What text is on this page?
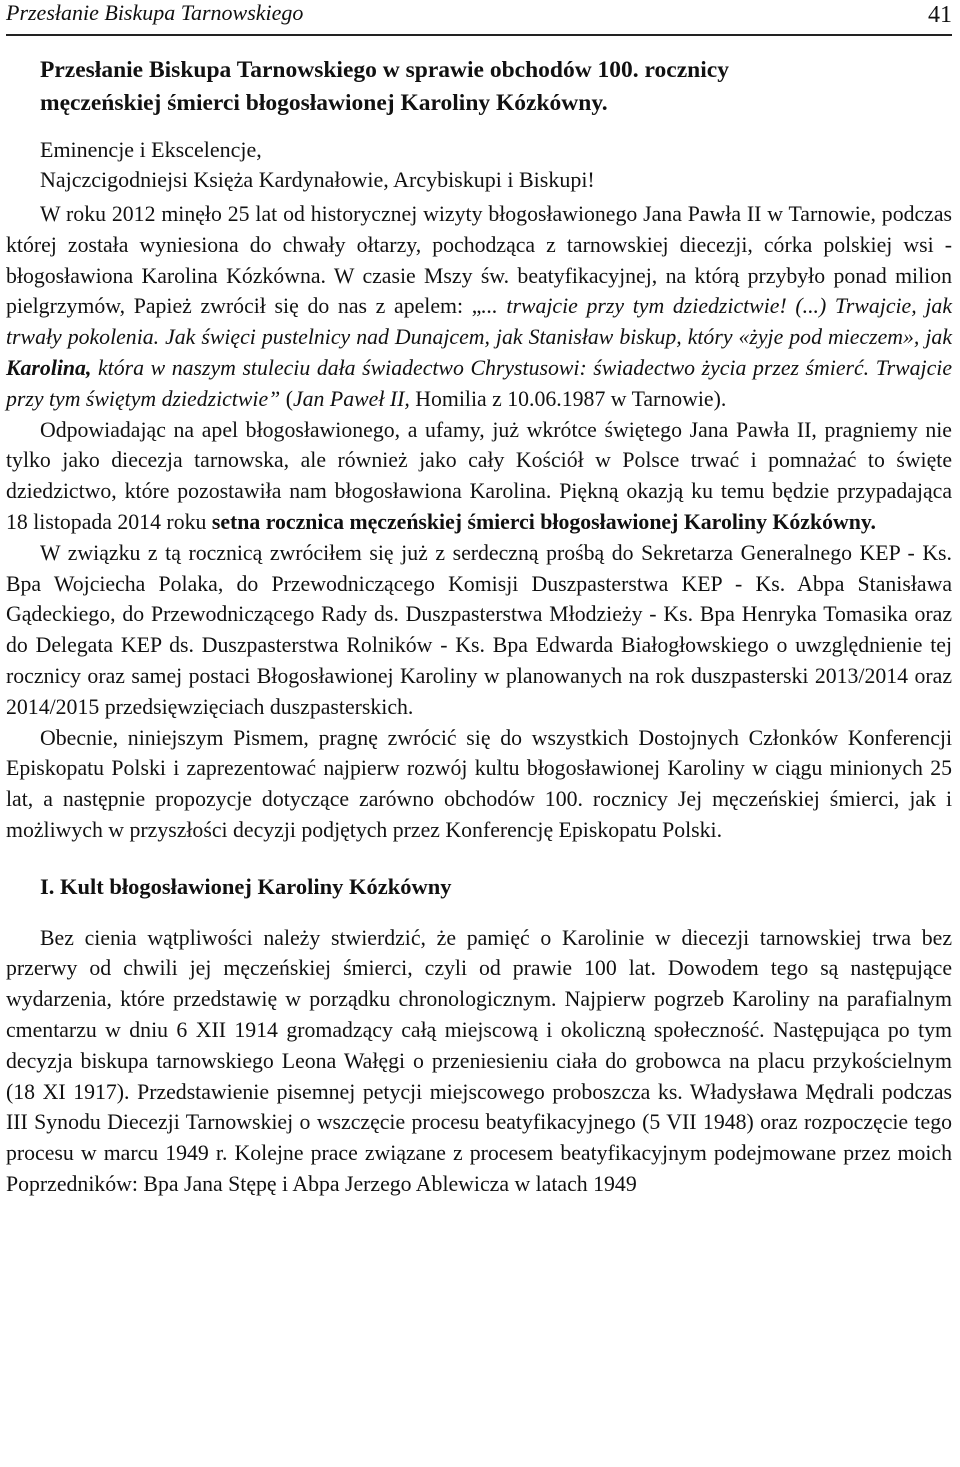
Przesłanie Biskupa Tarnowskiego	41
Przesłanie Biskupa Tarnowskiego w sprawie obchodów 100. rocznicy
męczeńskiej śmierci błogosławionej Karoliny Kózkówny.
Eminencje i Ekscelencje,
Najczcigodniejsi Księża Kardynałowie, Arcybiskupi i Biskupi!

W roku 2012 minęło 25 lat od historycznej wizyty błogosławionego Jana Pawła II w Tarnowie, podczas której została wyniesiona do chwały ołtarzy, pochodząca z tarnowskiej diecezji, córka polskiej wsi - błogosławiona Karolina Kózkówna. W czasie Mszy św. beatyfikacyjnej, na którą przybyło ponad milion pielgrzymów, Papież zwrócił się do nas z apelem: „... trwajcie przy tym dziedzictwie! (...) Trwajcie, jak trwały pokolenia. Jak święci pustelnicy nad Dunajcem, jak Stanisław biskup, który «żyje pod mieczem», jak Karolina, która w naszym stuleciu dała świadectwo Chrystusowi: świadectwo życia przez śmierć. Trwajcie przy tym świętym dziedzictwie” (Jan Paweł II, Homilia z 10.06.1987 w Tarnowie).

Odpowiadając na apel błogosławionego, a ufamy, już wkrótce świętego Jana Pawła II, pragniemy nie tylko jako diecezja tarnowska, ale również jako cały Kościół w Polsce trwać i pomnażać to święte dziedzictwo, które pozostawiła nam błogosławiona Karolina. Piękną okazją ku temu będzie przypadająca 18 listopada 2014 roku setna rocznica męczeńskiej śmierci błogosławionej Karoliny Kózkówny.

W związku z tą rocznicą zwróciłem się już z serdeczną prośbą do Sekretarza Generalnego KEP - Ks. Bpa Wojciecha Polaka, do Przewodniczącego Komisji Duszpasterstwa KEP - Ks. Abpa Stanisława Gądeckiego, do Przewodniczącego Rady ds. Duszpasterstwa Młodzieży - Ks. Bpa Henryka Tomasika oraz do Delegata KEP ds. Duszpasterstwa Rolników - Ks. Bpa Edwarda Białogłowskiego o uwzględnienie tej rocznicy oraz samej postaci Błogosławionej Karoliny w planowanych na rok duszpasterski 2013/2014 oraz 2014/2015 przedsięwzięciach duszpasterskich.

Obecnie, niniejszym Pismem, pragnę zwrócić się do wszystkich Dostojnych Członków Konferencji Episkopatu Polski i zaprezentować najpierw rozwój kultu błogosławionej Karoliny w ciągu minionych 25 lat, a następnie propozycje dotyczące zarówno obchodów 100. rocznicy Jej męczeńskiej śmierci, jak i możliwych w przyszłości decyzji podjętych przez Konferencję Episkopatu Polski.

I. Kult błogosławionej Karoliny Kózkówny

Bez cienia wątpliwości należy stwierdzić, że pamięć o Karolinie w diecezji tarnowskiej trwa bez przerwy od chwili jej męczeńskiej śmierci, czyli od prawie 100 lat. Dowodem tego są następujące wydarzenia, które przedstawię w porządku chronologicznym. Najpierw pogrzeb Karoliny na parafialnym cmentarzu w dniu 6 XII 1914 gromadzący całą miejscową i okoliczną społeczność. Następująca po tym decyzja biskupa tarnowskiego Leona Wałęgi o przeniesieniu ciała do grobowca na placu przykościelnym (18 XI 1917). Przedstawienie pisemnej petycji miejscowego proboszcza ks. Władysława Mędrali podczas III Synodu Diecezji Tarnowskiej o wszczęcie procesu beatyfikacyjnego (5 VII 1948) oraz rozpoczęcie tego procesu w marcu 1949 r. Kolejne prace związane z procesem beatyfikacyjnym podejmowane przez moich Poprzedników: Bpa Jana Stępę i Abpa Jerzego Ablewicza w latach 1949
